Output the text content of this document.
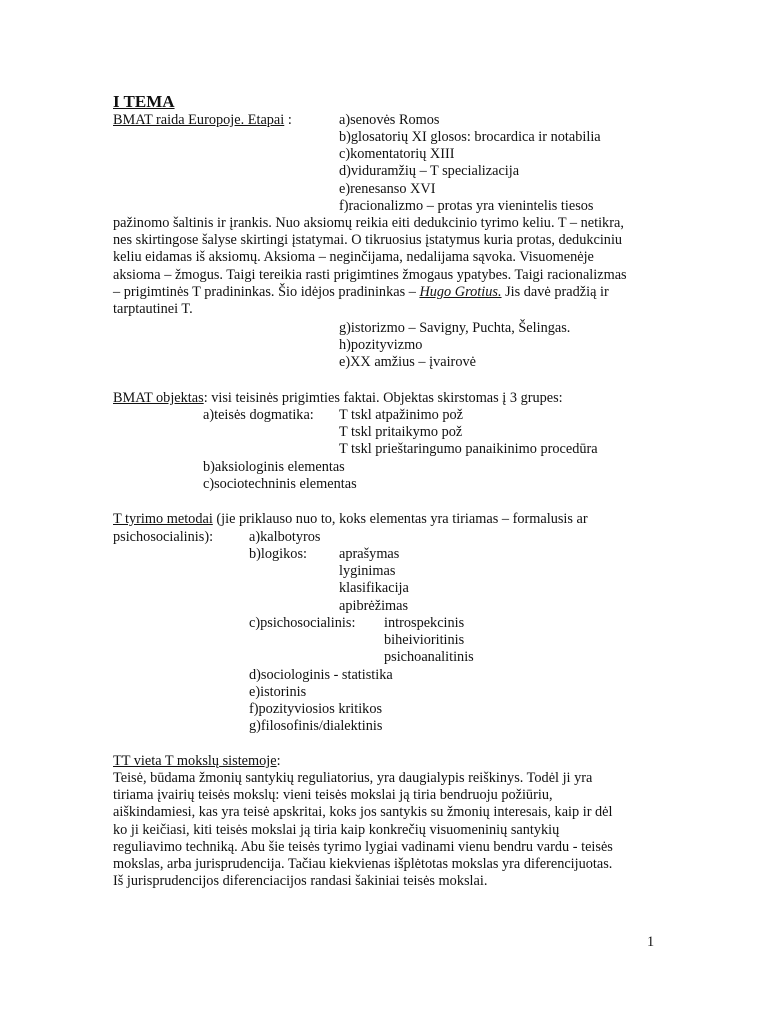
I TEMA
BMAT raida Europoje. Etapai :	a)senovės Romos
b)glosatorių XI glosos: brocardica ir notabilia
c)komentatorių XIII
d)viduramžių – T specializacija
e)renesanso XVI
f)racionalizmo – protas yra vienintelis tiesos
pažinomo šaltinis ir įrankis. Nuo aksiomų reikia eiti dedukcinio tyrimo keliu. T – netikra,
nes skirtingose šalyse skirtingi įstatymai. O tikruosius įstatymus kuria protas, dedukciniu
keliu eidamas iš aksiomų. Aksioma – neginčijama, nedalijama sąvoka. Visuomenėje
aksioma – žmogus. Taigi tereikia rasti prigimtines žmogaus ypatybes. Taigi racionalizmas
– prigimtinės T pradininkas. Šio idėjos pradininkas – Hugo Grotius. Jis davė pradžią ir
tarptautinei T.
g)istorizmo – Savigny, Puchta, Šelingas.
h)pozityvizmo
e)XX amžius – įvairovė
BMAT objektas: visi teisinės prigimties faktai. Objektas skirstomas į 3 grupes:
a)teisės dogmatika: T tskl atpažinimo pož
T tskl pritaikymo pož
T tskl prieštaringumo panaikinimo procedūra
b)aksiologinis elementas
c)sociotechninis elementas
T tyrimo metodai (jie priklauso nuo to, koks elementas yra tiriamas – formalusis ar
psichosocialinis):	a)kalbotyros
b)logikos: aprašymas
lyginimas
klasifikacija
apibrėžimas
c)psichosocialinis: introspekcinis
biheivioritinis
psichoanalitinis
d)sociologinis - statistika
e)istorinis
f)pozityviosios kritikos
g)filosofinis/dialektinis
TT vieta T mokslų sistemoje:
Teisė, būdama žmonių santykių reguliatorius, yra daugialypis reiškinys. Todėl ji yra
tiriama įvairių teisės mokslų: vieni teisės mokslai ją tiria bendruoju požiūriu,
aiškindamiesi, kas yra teisė apskritai, koks jos santykis su žmonių interesais, kaip ir dėl
ko ji keičiasi, kiti teisės mokslai ją tiria kaip konkrečių visuomeninių santykių
reguliavimo techniką. Abu šie teisės tyrimo lygiai vadinami vienu bendru vardu - teisės
mokslas, arba jurisprudencija. Tačiau kiekvienas išplėtotas mokslas yra diferencijuotas.
Iš jurisprudencijos diferenciacijos randasi šakiniai teisės mokslai.
1
